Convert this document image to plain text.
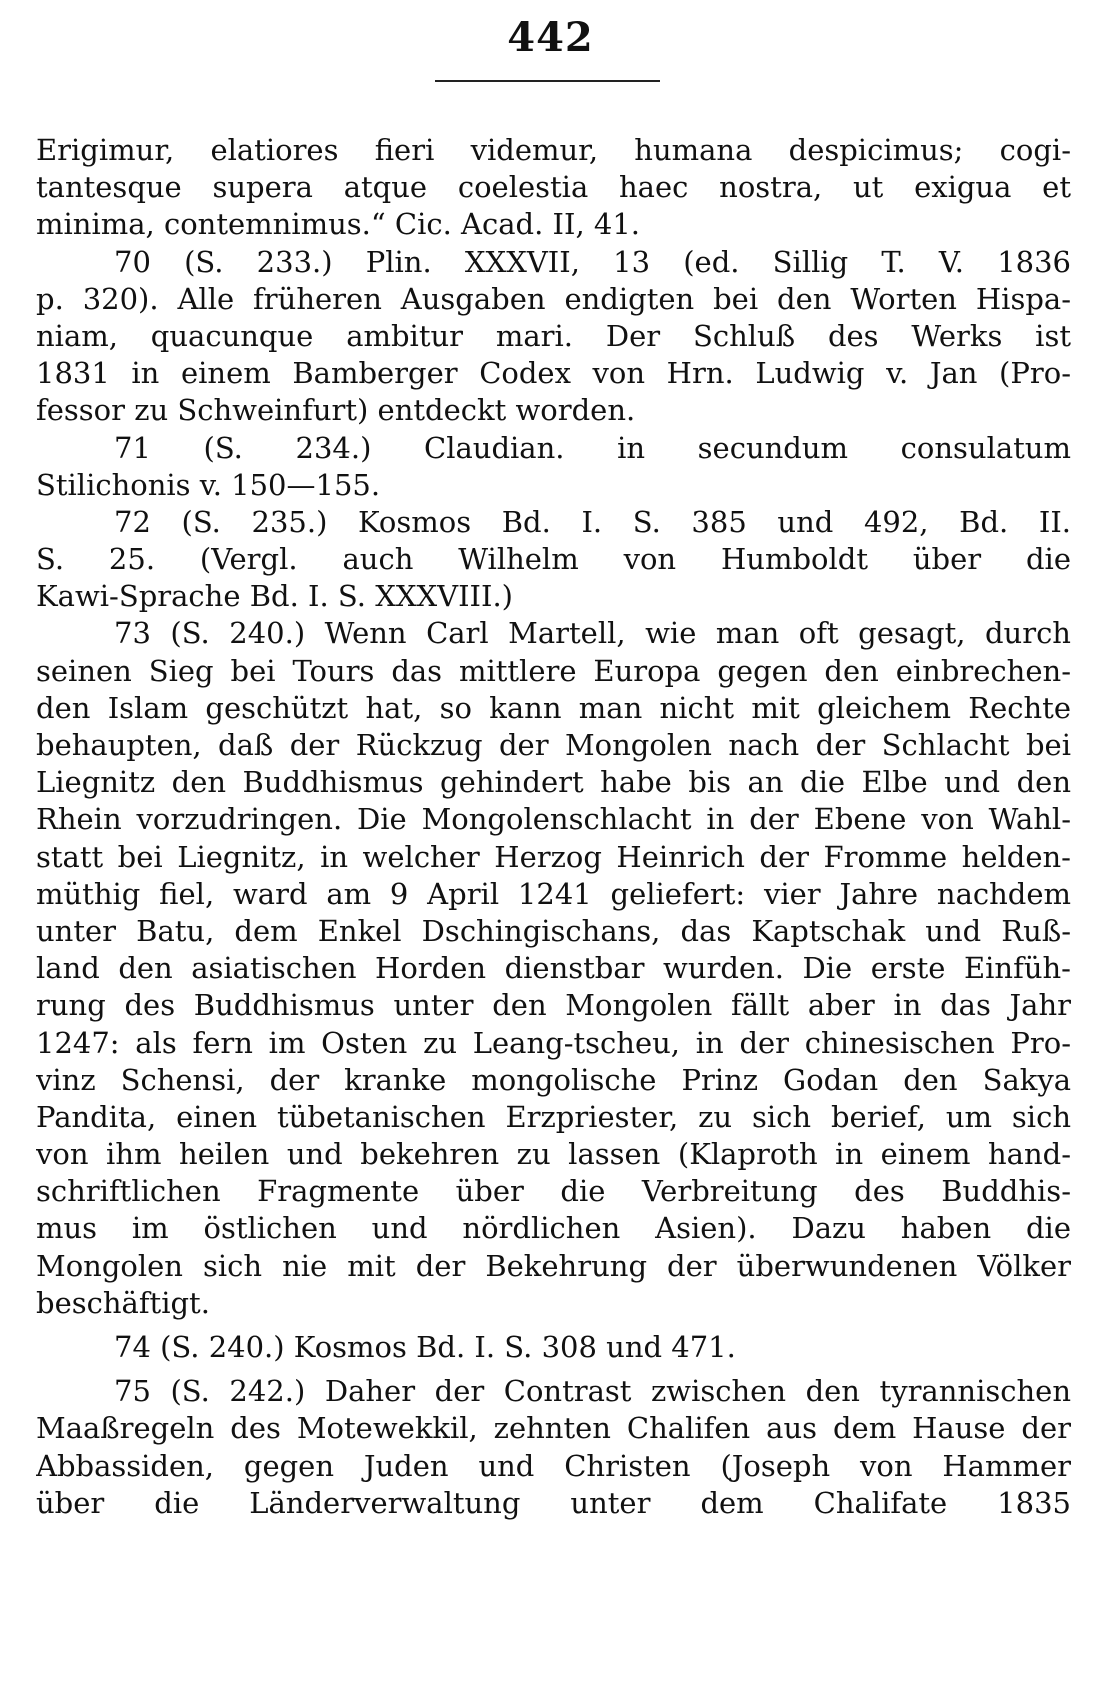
442
Erigimur, elatiores fieri videmur, humana despicimus; cogi-
tantesque supera atque coelestia haec nostra, ut exigua et
minima, contemnimus.“ Cic. Acad. II, 41.
70 (S. 233.) Plin. XXXVII, 13 (ed. Sillig T. V. 1836
p. 320). Alle früheren Ausgaben endigten bei den Worten Hispa-
niam, quacunque ambitur mari. Der Schluß des Werks ist
1831 in einem Bamberger Codex von Hrn. Ludwig v. Jan (Pro-
fessor zu Schweinfurt) entdeckt worden.
71 (S. 234.) Claudian. in secundum consulatum
Stilichonis v. 150—155.
72 (S. 235.) Kosmos Bd. I. S. 385 und 492, Bd. II.
S. 25. (Vergl. auch Wilhelm von Humboldt über die
Kawi-Sprache Bd. I. S. XXXVIII.)
73 (S. 240.) Wenn Carl Martell, wie man oft gesagt, durch
seinen Sieg bei Tours das mittlere Europa gegen den einbrechen-
den Islam geschützt hat, so kann man nicht mit gleichem Rechte
behaupten, daß der Rückzug der Mongolen nach der Schlacht bei
Liegnitz den Buddhismus gehindert habe bis an die Elbe und den
Rhein vorzudringen. Die Mongolenschlacht in der Ebene von Wahl-
statt bei Liegnitz, in welcher Herzog Heinrich der Fromme helden-
müthig fiel, ward am 9 April 1241 geliefert: vier Jahre nachdem
unter Batu, dem Enkel Dschingischans, das Kaptschak und Ruß-
land den asiatischen Horden dienstbar wurden. Die erste Einfüh-
rung des Buddhismus unter den Mongolen fällt aber in das Jahr
1247: als fern im Osten zu Leang-tscheu, in der chinesischen Pro-
vinz Schensi, der kranke mongolische Prinz Godan den Sakya
Pandita, einen tübetanischen Erzpriester, zu sich berief, um sich
von ihm heilen und bekehren zu lassen (Klaproth in einem hand-
schriftlichen Fragmente über die Verbreitung des Buddhis-
mus im östlichen und nördlichen Asien). Dazu haben die
Mongolen sich nie mit der Bekehrung der überwundenen Völker
beschäftigt.
74 (S. 240.) Kosmos Bd. I. S. 308 und 471.
75 (S. 242.) Daher der Contrast zwischen den tyrannischen
Maaßregeln des Motewekkil, zehnten Chalifen aus dem Hause der
Abbassiden, gegen Juden und Christen (Joseph von Hammer
über die Länderverwaltung unter dem Chalifate 1835
